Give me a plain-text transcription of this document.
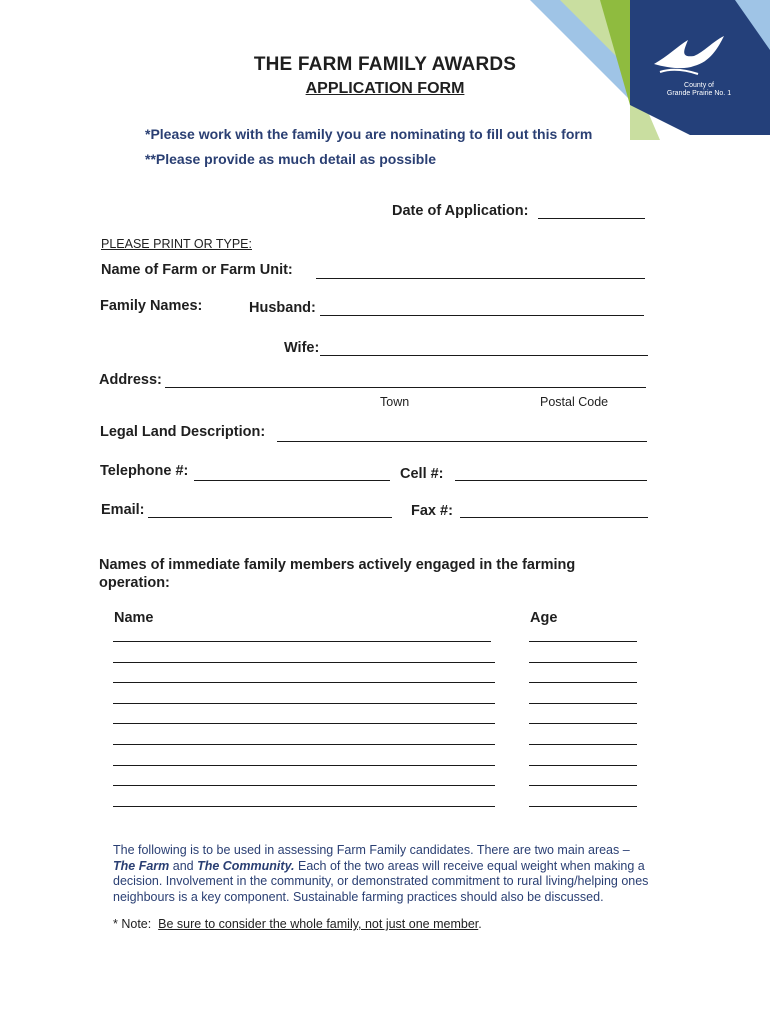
County of
Grande Prairie No. 1
THE FARM FAMILY AWARDS
APPLICATION FORM
*Please work with the family you are nominating to fill out this form
**Please provide as much detail as possible
Date of Application:
PLEASE PRINT OR TYPE:
Name of Farm or Farm Unit:
Family Names:	Husband:
Wife:
Address:
Town	Postal Code
Legal Land Description:
Telephone #:	Cell #:
Email:	Fax #:
Names of immediate family members actively engaged in the farming
operation:
Name	Age
The following is to be used in assessing Farm Family candidates. There are two main areas –
The Farm and The Community. Each of the two areas will receive equal weight when making a decision. Involvement in the community, or demonstrated commitment to rural living/helping ones neighbours is a key component. Sustainable farming practices should also be discussed.
* Note:  Be sure to consider the whole family, not just one member.
